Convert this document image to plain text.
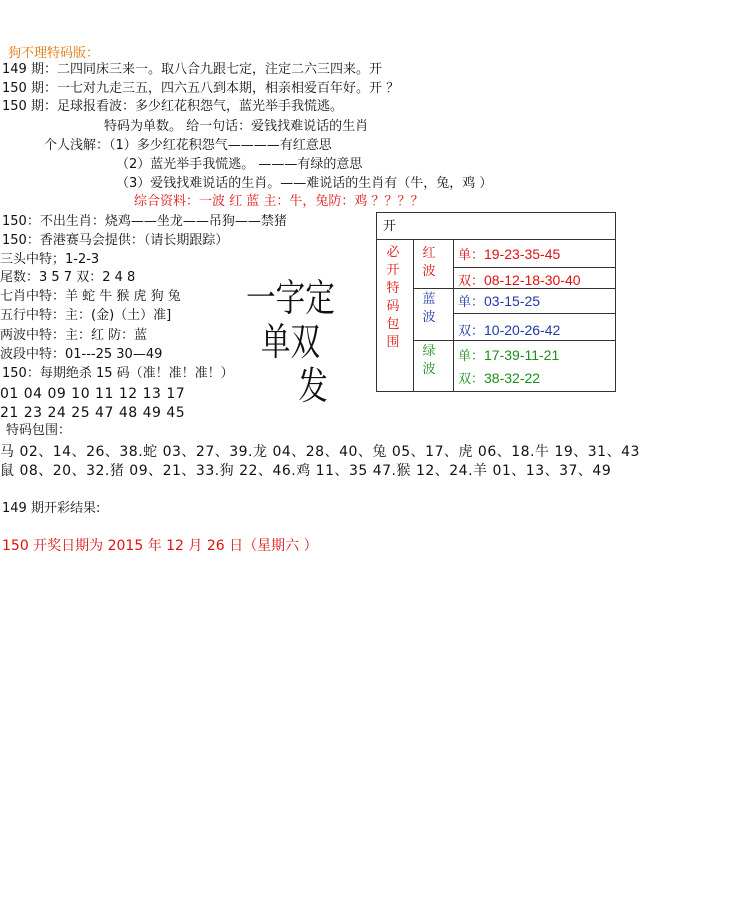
狗不理特码版：
149 期：二四同床三来一。取八合九跟七定，注定二六三四来。开
150 期：一七对九走三五，四六五八到本期，相亲相爱百年好。开 ？
150 期：足球报看波：多少红花积怨气，蓝光举手我慌逃。
特码为单数。 给一句话：爱钱找难说话的生肖
个人浅解：（1）多少红花积怨气————有红意思
（2）蓝光举手我慌逃。 ———有绿的意思
（3）爱钱找难说话的生肖。——难说话的生肖有（牛，兔，鸡 ）
综合资料：一波 红 蓝 主：牛，兔防：鸡 ？？？？
150：不出生肖：烧鸡——坐龙——吊狗——禁猪
150：香港赛马会提供：（请长期跟踪）
三头中特；1-2-3
尾数：3 5 7 双：2 4 8
七肖中特：羊 蛇 牛 猴 虎 狗 兔
五行中特：主：(金)（土）准]
两波中特：主：红 防：蓝
波段中特：01---25 30—49
150：每期绝杀 15 码（准！准！准！）
01 04 09 10 11 12 13 17
21 23 24 25 47 48 49 45
特码包围：
马 02、14、26、38.蛇 03、27、39.龙 04、28、40、兔 05、17、虎 06、18.牛 19、31、43
鼠 08、20、32.猪 09、21、33.狗 22、46.鸡 11、35 47.猴 12、24.羊 01、13、37、49
149 期开彩结果:
150 开奖日期为 2015 年 12 月 26 日（星期六 ）
一字定单双
发
开
必
开
特
码
包
围
红
波
单：19-23-35-45
双：08-12-18-30-40
蓝
波
单：03-15-25
双：10-20-26-42
绿
波
单：17-39-11-21
双：38-32-22
